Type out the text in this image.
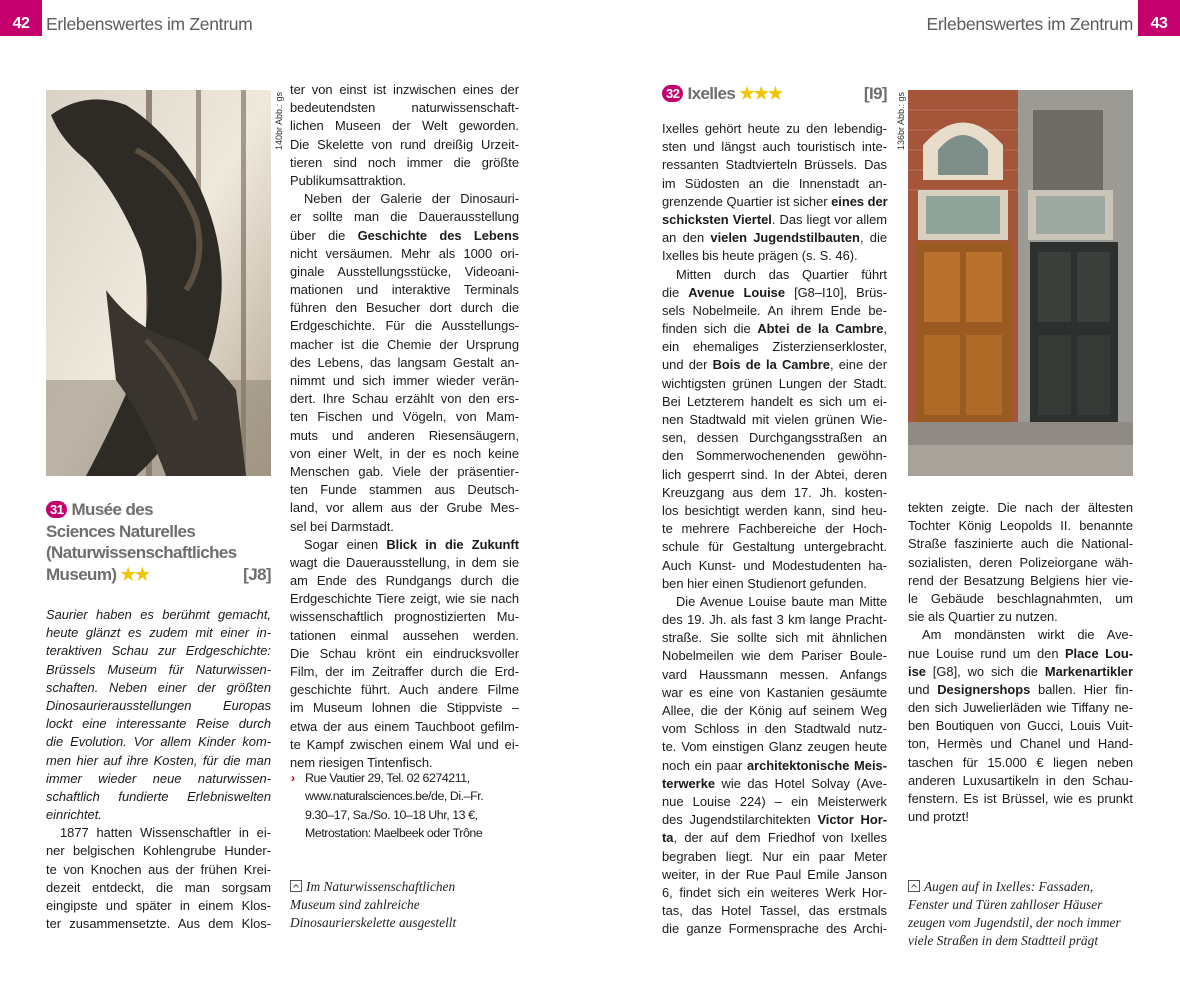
42 Erlebenswertes im Zentrum	Erlebenswertes im Zentrum	43
140br Abb.: gs
31 Musée des
Sciences Naturelles
(Naturwissenschaftliches
Museum) ★★	[J8]
Saurier haben es berühmt gemacht,
heute glänzt es zudem mit einer in-
teraktiven Schau zur Erdgeschichte:
Brüssels Museum für Naturwissen-
schaften. Neben einer der größten
Dinosaurierausstellungen Europas
lockt eine interessante Reise durch
die Evolution. Vor allem Kinder kom-
men hier auf ihre Kosten, für die man
immer wieder neue naturwissen-
schaftlich fundierte Erlebniswelten
einrichtet.
1877 hatten Wissenschaftler in ei-
ner belgischen Kohlengrube Hunder-
te von Knochen aus der frühen Krei-
dezeit entdeckt, die man sorgsam
eingipste und später in einem Klos-
ter zusammensetzte. Aus dem Klos-
ter von einst ist inzwischen eines der
bedeutendsten naturwissenschaft-
lichen Museen der Welt geworden.
Die Skelette von rund dreißig Urzeit-
tieren sind noch immer die größte
Publikumsattraktion.
Neben der Galerie der Dinosauri-
er sollte man die Dauerausstellung
über die Geschichte des Lebens
nicht versäumen. Mehr als 1000 ori-
ginale Ausstellungsstücke, Videoani-
mationen und interaktive Terminals
führen den Besucher dort durch die
Erdgeschichte. Für die Ausstellungs-
macher ist die Chemie der Ursprung
des Lebens, das langsam Gestalt an-
nimmt und sich immer wieder verän-
dert. Ihre Schau erzählt von den ers-
ten Fischen und Vögeln, von Mam-
muts und anderen Riesensäugern,
von einer Welt, in der es noch keine
Menschen gab. Viele der präsentier-
ten Funde stammen aus Deutsch-
land, vor allem aus der Grube Mes-
sel bei Darmstadt.
Sogar einen Blick in die Zukunft
wagt die Dauerausstellung, in dem sie
am Ende des Rundgangs durch die
Erdgeschichte Tiere zeigt, wie sie nach
wissenschaftlich prognostizierten Mu-
tationen einmal aussehen werden.
Die Schau krönt ein eindrucksvoller
Film, der im Zeitraffer durch die Erd-
geschichte führt. Auch andere Filme
im Museum lohnen die Stippviste –
etwa der aus einem Tauchboot gefilm-
te Kampf zwischen einem Wal und ei-
nem riesigen Tintenfisch.
› Rue Vautier 29, Tel. 02 6274211,
www.naturalsciences.be/de, Di.–Fr.
9.30–17, Sa./So. 10–18 Uhr, 13 €,
Metrostation: Maelbeek oder Trône
Im Naturwissenschaftlichen
Museum sind zahlreiche
Dinosaurierskelette ausgestellt
32 Ixelles ★★★	[I9]
Ixelles gehört heute zu den lebendig-
sten und längst auch touristisch inte-
ressanten Stadtvierteln Brüssels. Das
im Südosten an die Innenstadt an-
grenzende Quartier ist sicher eines der
schicksten Viertel. Das liegt vor allem
an den vielen Jugendstilbauten, die
Ixelles bis heute prägen (s. S. 46).
Mitten durch das Quartier führt
die Avenue Louise [G8–I10], Brüs-
sels Nobelmeile. An ihrem Ende be-
finden sich die Abtei de la Cambre,
ein ehemaliges Zisterzienserkloster,
und der Bois de la Cambre, eine der
wichtigsten grünen Lungen der Stadt.
Bei Letzterem handelt es sich um ei-
nen Stadtwald mit vielen grünen Wie-
sen, dessen Durchgangsstraßen an
den Sommerwochenenden gewöhn-
lich gesperrt sind. In der Abtei, deren
Kreuzgang aus dem 17. Jh. kosten-
los besichtigt werden kann, sind heu-
te mehrere Fachbereiche der Hoch-
schule für Gestaltung untergebracht.
Auch Kunst- und Modestudenten ha-
ben hier einen Studienort gefunden.
Die Avenue Louise baute man Mitte
des 19. Jh. als fast 3 km lange Pracht-
straße. Sie sollte sich mit ähnlichen
Nobelmeilen wie dem Pariser Boule-
vard Haussmann messen. Anfangs
war es eine von Kastanien gesäumte
Allee, die der König auf seinem Weg
vom Schloss in den Stadtwald nutz-
te. Vom einstigen Glanz zeugen heute
noch ein paar architektonische Meis-
terwerke wie das Hotel Solvay (Ave-
nue Louise 224) – ein Meisterwerk
des Jugendstilarchitekten Victor Hor-
ta, der auf dem Friedhof von Ixelles
begraben liegt. Nur ein paar Meter
weiter, in der Rue Paul Emile Janson
6, findet sich ein weiteres Werk Hor-
tas, das Hotel Tassel, das erstmals
die ganze Formensprache des Archi-
136br Abb.: gs
tekten zeigte. Die nach der ältesten
Tochter König Leopolds II. benannte
Straße faszinierte auch die National-
sozialisten, deren Polizeiorgane wäh-
rend der Besatzung Belgiens hier vie-
le Gebäude beschlagnahmten, um
sie als Quartier zu nutzen.
Am mondänsten wirkt die Ave-
nue Louise rund um den Place Lou-
ise [G8], wo sich die Markenartikler
und Designershops ballen. Hier fin-
den sich Juwelierläden wie Tiffany ne-
ben Boutiquen von Gucci, Louis Vuit-
ton, Hermès und Chanel und Hand-
taschen für 15.000 € liegen neben
anderen Luxusartikeln in den Schau-
fenstern. Es ist Brüssel, wie es prunkt
und protzt!
Augen auf in Ixelles: Fassaden,
Fenster und Türen zahlloser Häuser
zeugen vom Jugendstil, der noch immer
viele Straßen in dem Stadtteil prägt
